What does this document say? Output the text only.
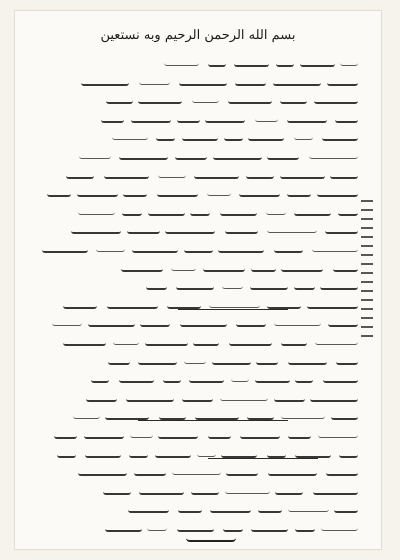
بسم الله الرحمن الرحيم وبه نستعين
